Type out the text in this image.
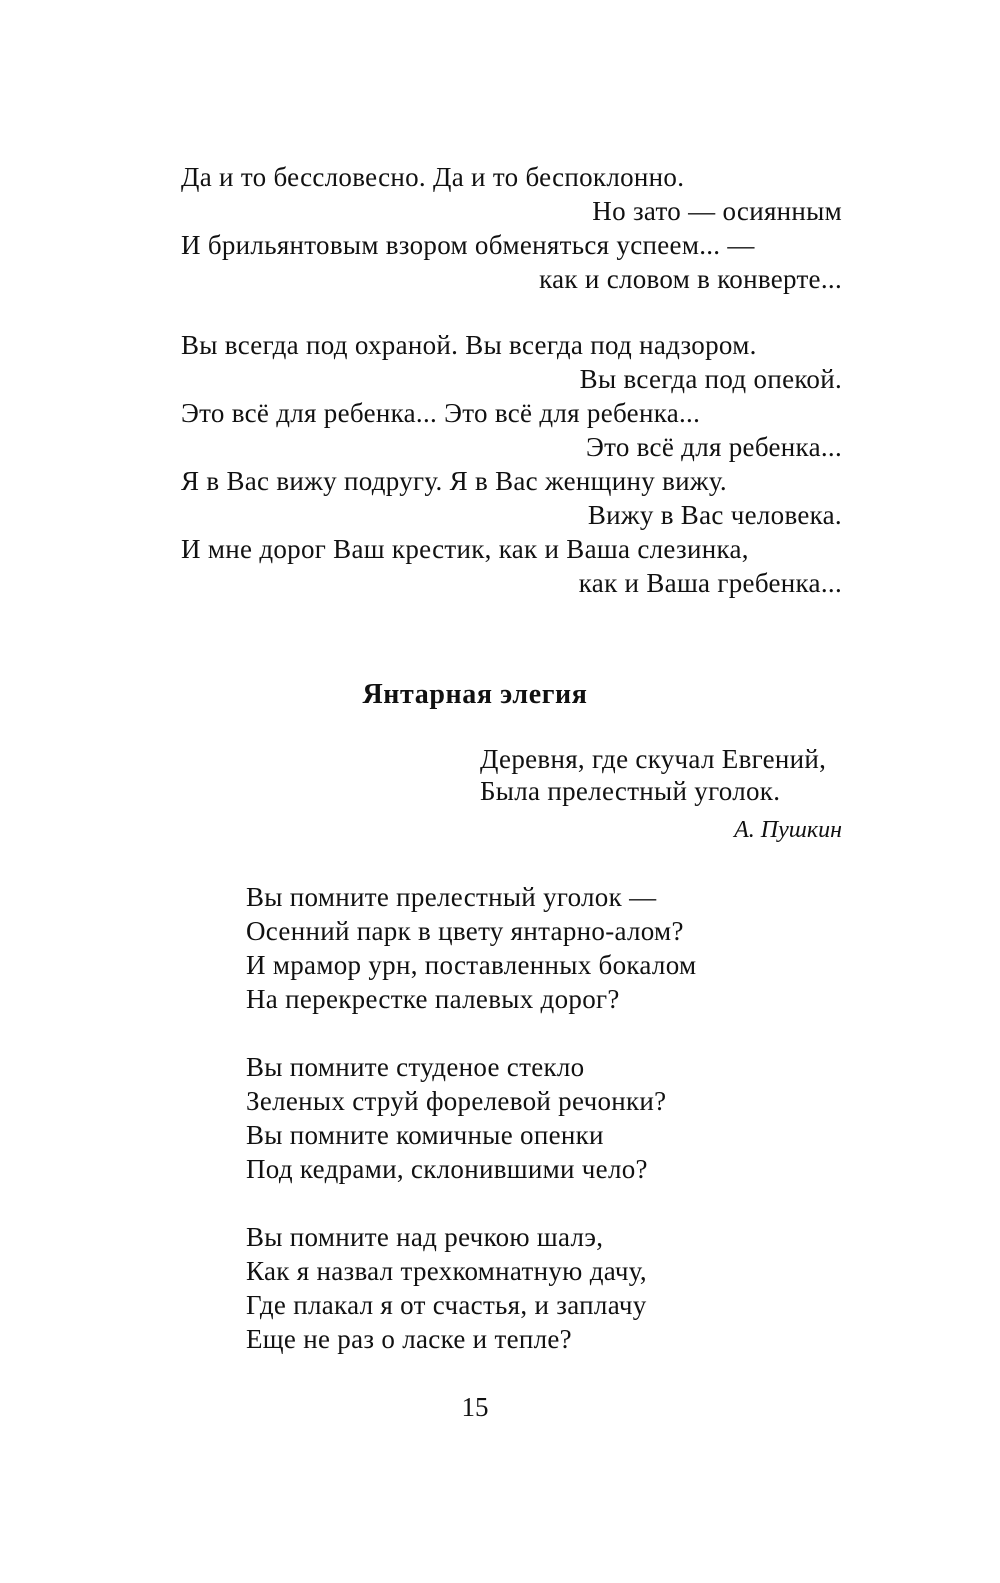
Да и то бессловесно. Да и то беспоклонно.
Но зато — осиянным
И брильянтовым взором обменяться успеем... —
как и словом в конверте...
Вы всегда под охраной. Вы всегда под надзором.
Вы всегда под опекой.
Это всё для ребенка... Это всё для ребенка...
Это всё для ребенка...
Я в Вас вижу подругу. Я в Вас женщину вижу.
Вижу в Вас человека.
И мне дорог Ваш крестик, как и Ваша слезинка,
как и Ваша гребенка...
Янтарная элегия
Деревня, где скучал Евгений,
Была прелестный уголок.
А. Пушкин
Вы помните прелестный уголок —
Осенний парк в цвету янтарно-алом?
И мрамор урн, поставленных бокалом
На перекрестке палевых дорог?
Вы помните студеное стекло
Зеленых струй форелевой речонки?
Вы помните комичные опенки
Под кедрами, склонившими чело?
Вы помните над речкою шалэ,
Как я назвал трехкомнатную дачу,
Где плакал я от счастья, и заплачу
Еще не раз о ласке и тепле?
15
